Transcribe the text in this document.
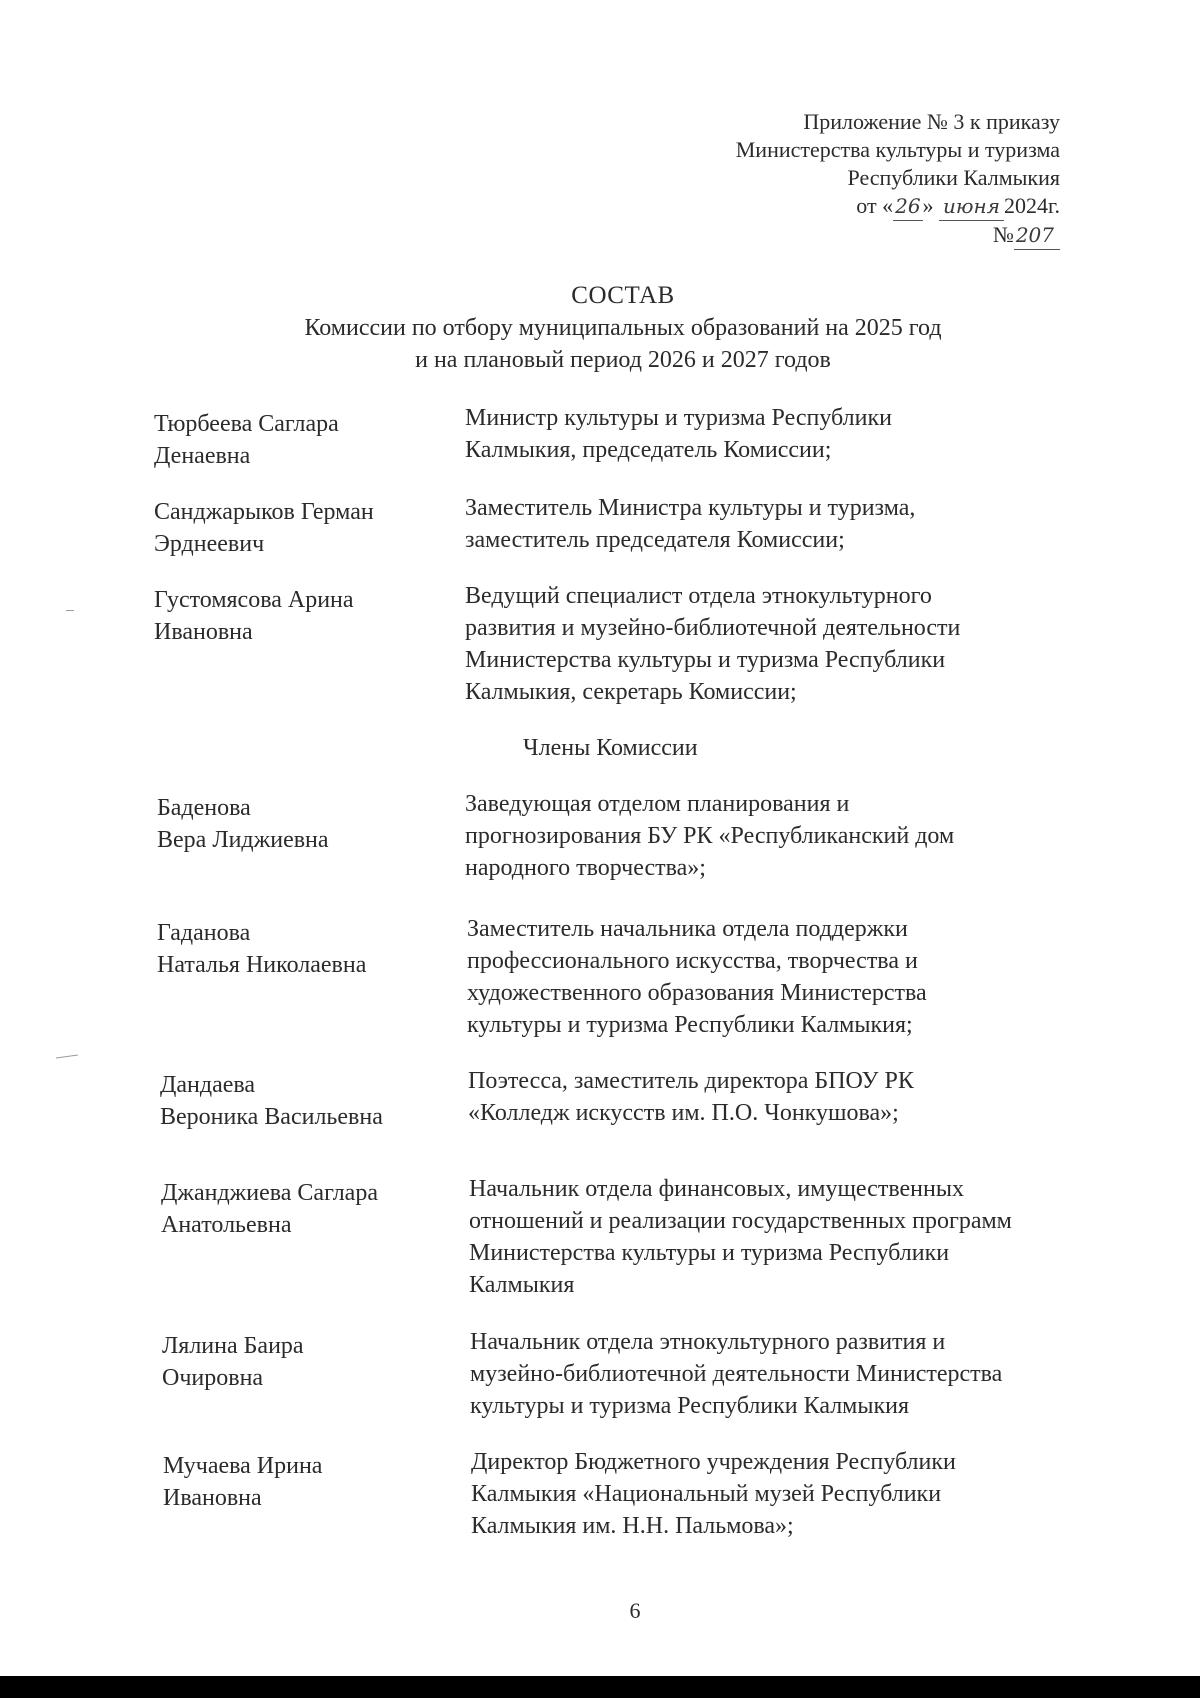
Приложение № 3 к приказу
Министерства культуры и туризма
Республики Калмыкия
от « 26» июня 2024г.
№ 207
СОСТАВ
Комиссии по отбору муниципальных образований на 2025 год
и на плановый период 2026 и 2027 годов
Тюрбеева Саглара
Денаевна
Министр культуры и туризма Республики
Калмыкия, председатель Комиссии;
Санджарыков Герман
Эрднеевич
Заместитель Министра культуры и туризма,
заместитель председателя Комиссии;
Густомясова Арина
Ивановна
Ведущий специалист отдела этнокультурного
развития и музейно-библиотечной деятельности
Министерства культуры и туризма Республики
Калмыкия, секретарь Комиссии;
Члены Комиссии
Баденова
Вера Лиджиевна
Заведующая отделом планирования и
прогнозирования БУ РК «Республиканский дом
народного творчества»;
Гаданова
Наталья Николаевна
Заместитель начальника отдела поддержки
профессионального искусства, творчества и
художественного образования Министерства
культуры и туризма Республики Калмыкия;
Дандаева
Вероника Васильевна
Поэтесса, заместитель директора БПОУ РК
«Колледж искусств им. П.О. Чонкушова»;
Джанджиева Саглара
Анатольевна
Начальник отдела финансовых, имущественных
отношений и реализации государственных программ
Министерства культуры и туризма Республики
Калмыкия
Лялина Баира
Очировна
Начальник отдела этнокультурного развития и
музейно-библиотечной деятельности Министерства
культуры и туризма Республики Калмыкия
Мучаева Ирина
Ивановна
Директор Бюджетного учреждения Республики
Калмыкия «Национальный музей Республики
Калмыкия им. Н.Н. Пальмова»;
6
